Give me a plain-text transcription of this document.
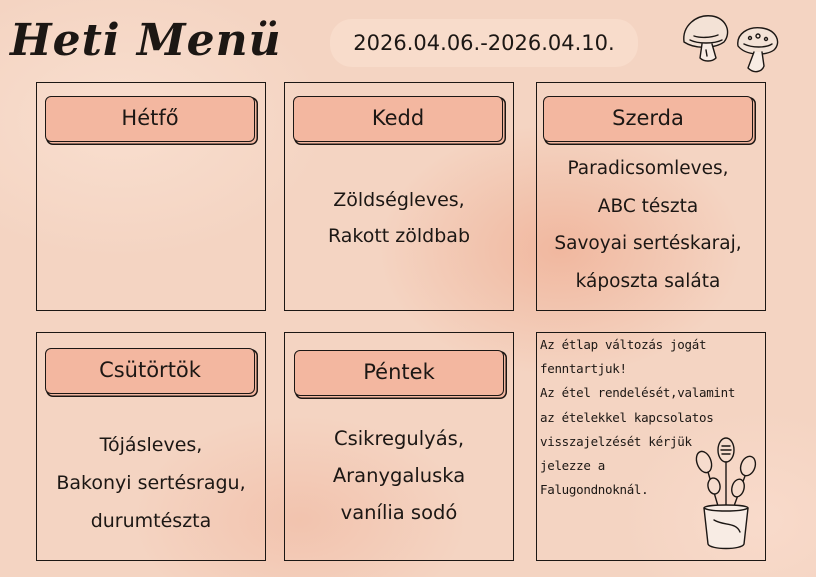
Heti Menü	2026.04.06.-2026.04.10.
Hétfő	Kedd
Zöldségleves,
Rakott zöldbab
Szerda
Paradicsomleves,
ABC tészta
Savoyai sertéskaraj,
káposzta saláta
Csütörtök
Tójásleves,
Bakonyi sertésragu,
durumtészta
Péntek
Csikregulyás,
Aranygaluska
vanília sodó
Az étlap változás jogát
fenntartjuk!
Az étel rendelését,valamint
az ételekkel kapcsolatos
visszajelzését kérjük
jelezze a
Falugondnoknál.
